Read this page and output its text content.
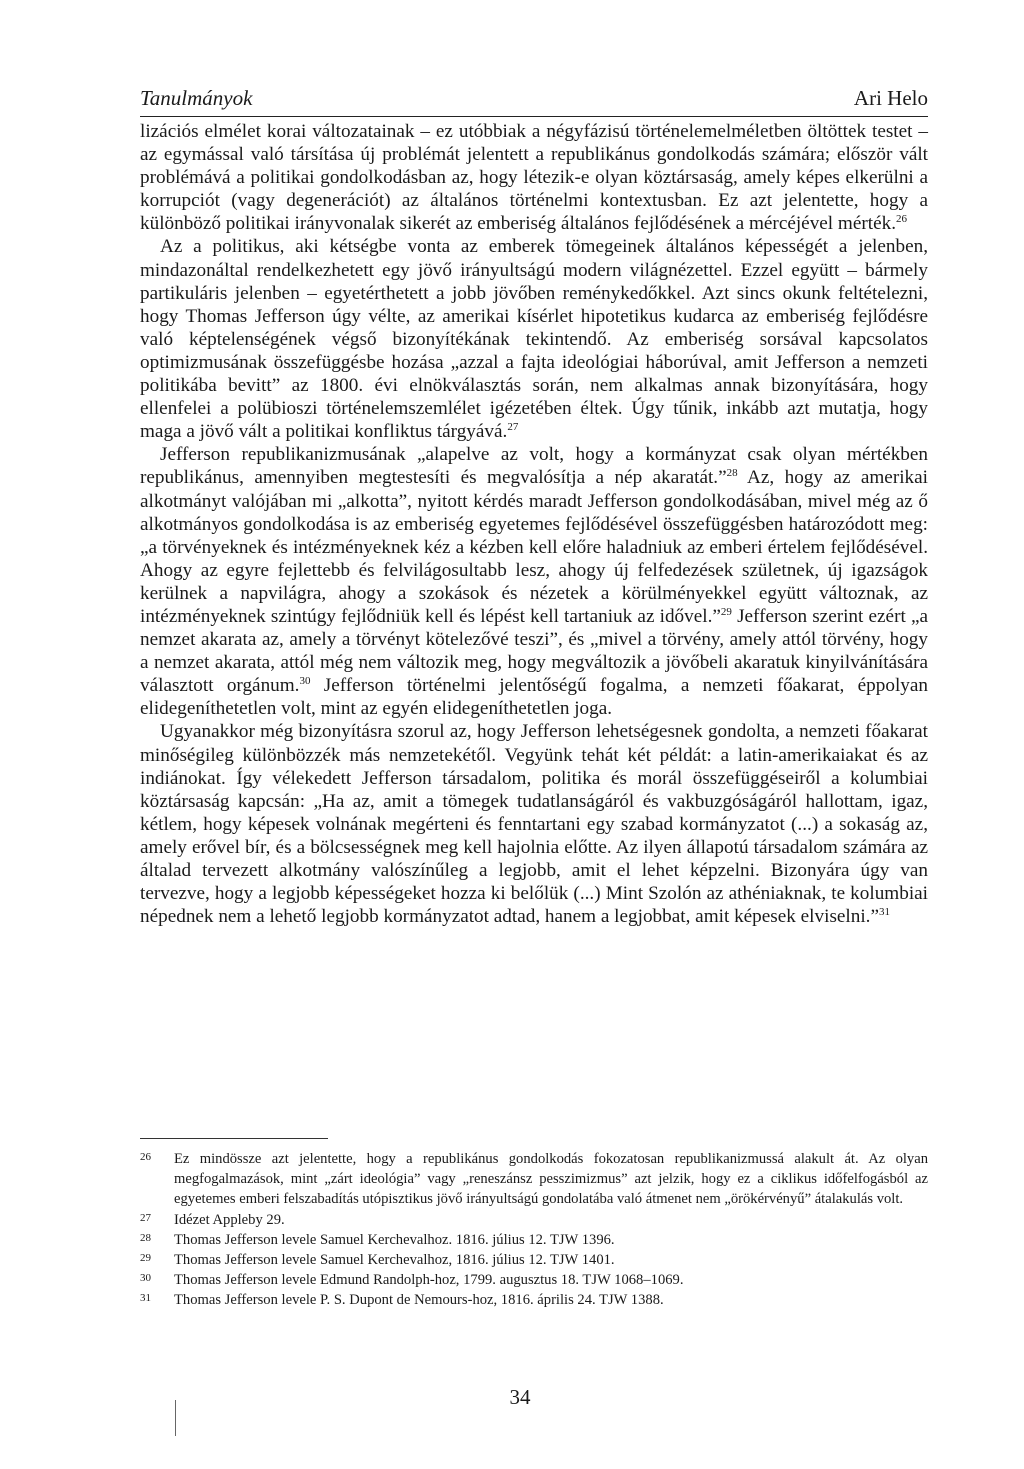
Tanulmányok	Ari Helo

lizációs elmélet korai változatainak – ez utóbbiak a négyfázisú történelemelméletben öltöttek testet – az egymással való társítása új problémát jelentett a republikánus gondolkodás számára; először vált problémává a politikai gondolkodásban az, hogy létezik-e olyan köztársaság, amely képes elkerülni a korrupciót (vagy degenerációt) az általános történelmi kontextusban. Ez azt jelentette, hogy a különböző politikai irányvonalak sikerét az emberiség általános fejlődésének a mércéjével mérték.$^{26}$

Az a politikus, aki kétségbe vonta az emberek tömegeinek általános képességét a jelenben, mindazonáltal rendelkezhetett egy jövő irányultságú modern világnézettel. Ezzel együtt – bármely partikuláris jelenben – egyetérthetett a jobb jövőben reménykedőkkel. Azt sincs okunk feltételezni, hogy Thomas Jefferson úgy vélte, az amerikai kísérlet hipotetikus kudarca az emberiség fejlődésre való képtelenségének végső bizonyítékának tekintendő. Az emberiség sorsával kapcsolatos optimizmusának összefüggésbe hozása „azzal a fajta ideológiai háborúval, amit Jefferson a nemzeti politikába bevitt” az 1800. évi elnökválasztás során, nem alkalmas annak bizonyítására, hogy ellenfelei a polübioszi történelemszemlélet igézetében éltek. Úgy tűnik, inkább azt mutatja, hogy maga a jövő vált a politikai konfliktus tárgyává.$^{27}$

Jefferson republikanizmusának „alapelve az volt, hogy a kormányzat csak olyan mértékben republikánus, amennyiben megtestesíti és megvalósítja a nép akaratát.”$^{28}$ Az, hogy az amerikai alkotmányt valójában mi „alkotta”, nyitott kérdés maradt Jefferson gondolkodásában, mivel még az ő alkotmányos gondolkodása is az emberiség egyetemes fejlődésével összefüggésben határozódott meg: „a törvényeknek és intézményeknek kéz a kézben kell előre haladniuk az emberi értelem fejlődésével. Ahogy az egyre fejlettebb és felvilágosultabb lesz, ahogy új felfedezések születnek, új igazságok kerülnek a napvilágra, ahogy a szokások és nézetek a körülményekkel együtt változnak, az intézményeknek szintúgy fejlődniük kell és lépést kell tartaniuk az idővel.”$^{29}$ Jefferson szerint ezért „a nemzet akarata az, amely a törvényt kötelezővé teszi”, és „mivel a törvény, amely attól törvény, hogy a nemzet akarata, attól még nem változik meg, hogy megváltozik a jövőbeli akaratuk kinyilvánítására választott orgánum.$^{30}$ Jefferson történelmi jelentőségű fogalma, a nemzeti főakarat, éppolyan elidegeníthetetlen volt, mint az egyén elidegeníthetetlen joga.

Ugyanakkor még bizonyításra szorul az, hogy Jefferson lehetségesnek gondolta, a nemzeti főakarat minőségileg különbözzék más nemzetekétől. Vegyünk tehát két példát: a latin-amerikaiakat és az indiánokat. Így vélekedett Jefferson társadalom, politika és morál összefüggéseiről a kolumbiai köztársaság kapcsán: „Ha az, amit a tömegek tudatlanságáról és vakbuzgóságáról hallottam, igaz, kétlem, hogy képesek volnának megérteni és fenntartani egy szabad kormányzatot (...) a sokaság az, amely erővel bír, és a bölcsességnek meg kell hajolnia előtte. Az ilyen állapotú társadalom számára az általad tervezett alkotmány valószínűleg a legjobb, amit el lehet képzelni. Bizonyára úgy van tervezve, hogy a legjobb képességeket hozza ki belőlük (...) Mint Szolón az athéniaknak, te kolumbiai népednek nem a lehető legjobb kormányzatot adtad, hanem a legjobbat, amit képesek elviselni.”$^{31}$

34

26	Ez mindössze azt jelentette, hogy a republikánus gondolkodás fokozatosan republikanizmussá alakult át. Az olyan megfogalmazások, mint „zárt ideológia” vagy „reneszánsz pesszimizmus” azt jelzik, hogy ez a ciklikus időfelfogásból az egyetemes emberi felszabadítás utópisztikus jövő irányultságú gondolatába való átmenet nem „örökérvényű” átalakulás volt.

27	Idézet Appleby 29.

28	Thomas Jefferson levele Samuel Kerchevalhoz. 1816. július 12. TJW 1396.

29	Thomas Jefferson levele Samuel Kerchevalhoz, 1816. július 12. TJW 1401.

30	Thomas Jefferson levele Edmund Randolph-hoz, 1799. augusztus 18. TJW 1068–1069.

31	Thomas Jefferson levele P. S. Dupont de Nemours-hoz, 1816. április 24. TJW 1388.
